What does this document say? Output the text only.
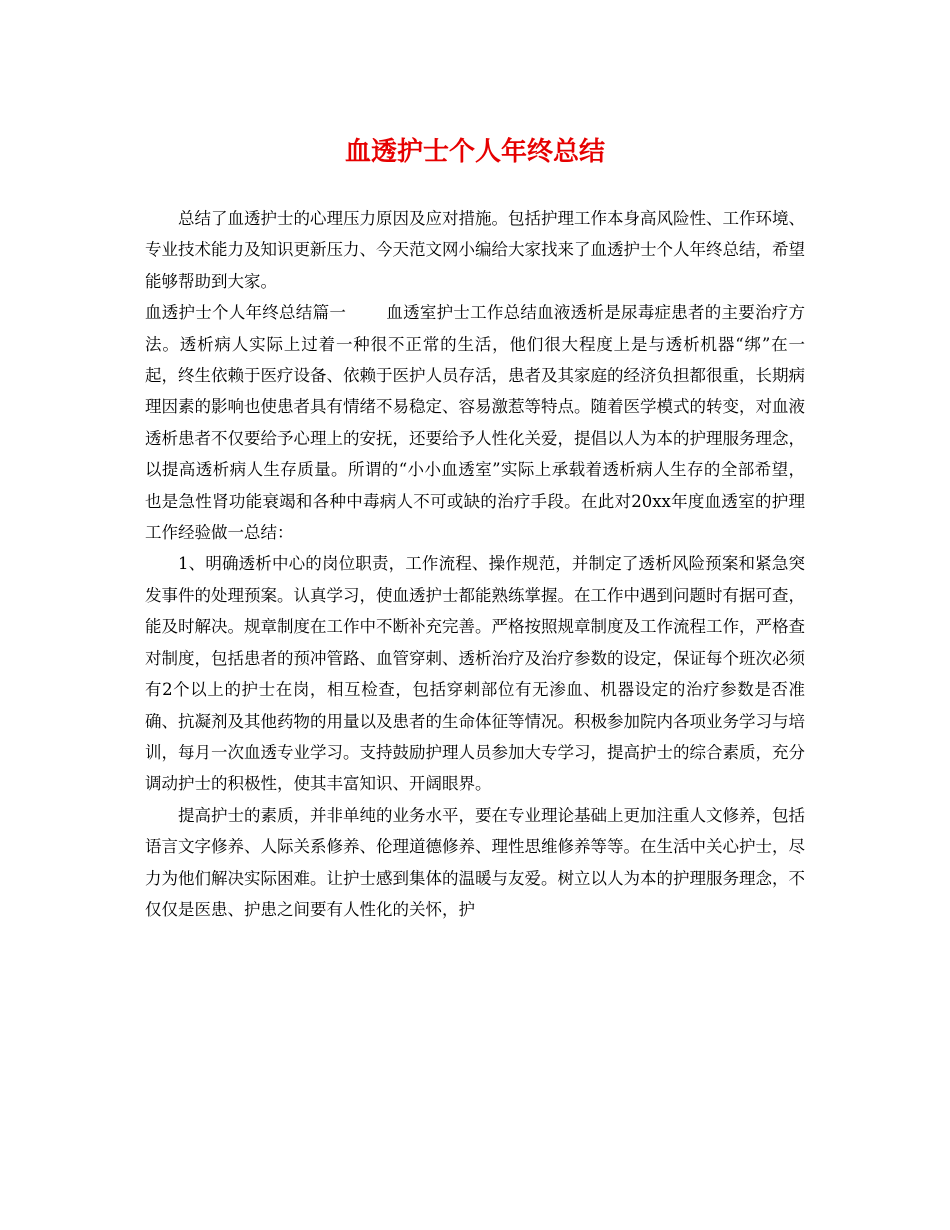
血透护士个人年终总结

总结了血透护士的心理压力原因及应对措施。包括护理工作本身高风险性、工作环境、专业技术能力及知识更新压力、今天范文网小编给大家找来了血透护士个人年终总结，希望能够帮助到大家。

血透护士个人年终总结篇一 血透室护士工作总结血液透析是尿毒症患者的主要治疗方法。透析病人实际上过着一种很不正常的生活，他们很大程度上是与透析机器“绑”在一起，终生依赖于医疗设备、依赖于医护人员存活，患者及其家庭的经济负担都很重，长期病理因素的影响也使患者具有情绪不易稳定、容易激惹等特点。随着医学模式的转变，对血液透析患者不仅要给予心理上的安抚，还要给予人性化关爱，提倡以人为本的护理服务理念，以提高透析病人生存质量。所谓的“小小血透室”实际上承载着透析病人生存的全部希望，也是急性肾功能衰竭和各种中毒病人不可或缺的治疗手段。在此对20xx年度血透室的护理工作经验做一总结：

1、明确透析中心的岗位职责，工作流程、操作规范，并制定了透析风险预案和紧急突发事件的处理预案。认真学习，使血透护士都能熟练掌握。在工作中遇到问题时有据可查，能及时解决。规章制度在工作中不断补充完善。严格按照规章制度及工作流程工作，严格查对制度，包括患者的预冲管路、血管穿刺、透析治疗及治疗参数的设定，保证每个班次必须有2个以上的护士在岗，相互检查，包括穿刺部位有无渗血、机器设定的治疗参数是否准确、抗凝剂及其他药物的用量以及患者的生命体征等情况。积极参加院内各项业务学习与培训，每月一次血透专业学习。支持鼓励护理人员参加大专学习，提高护士的综合素质，充分调动护士的积极性，使其丰富知识、开阔眼界。

提高护士的素质，并非单纯的业务水平，要在专业理论基础上更加注重人文修养，包括语言文字修养、人际关系修养、伦理道德修养、理性思维修养等等。在生活中关心护士，尽力为他们解决实际困难。让护士感到集体的温暖与友爱。树立以人为本的护理服务理念，不仅仅是医患、护患之间要有人性化的关怀，护
